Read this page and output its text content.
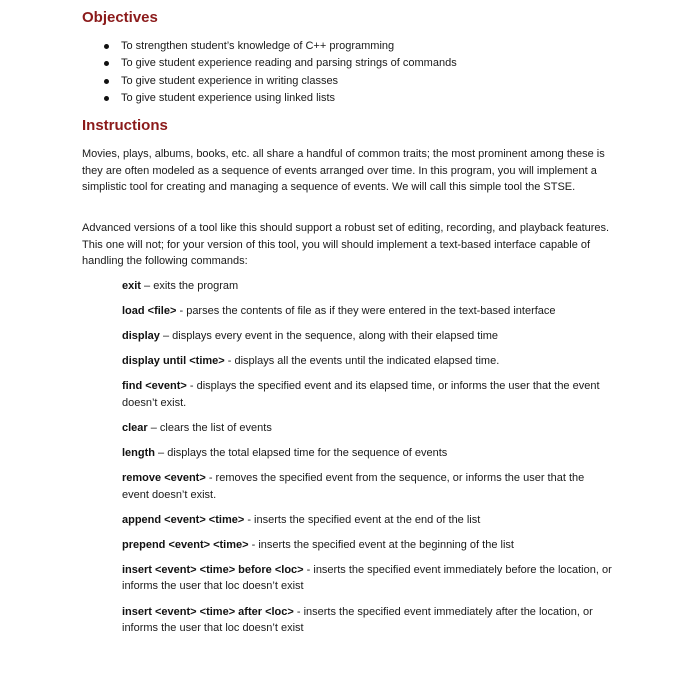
Objectives
To strengthen student’s knowledge of C++ programming
To give student experience reading and parsing strings of commands
To give student experience in writing classes
To give student experience using linked lists
Instructions

Movies, plays, albums, books, etc. all share a handful of common traits; the most prominent among these is they are often modeled as a sequence of events arranged over time. In this program, you will implement a simplistic tool for creating and managing a sequence of events. We will call this simple tool the STSE.

Advanced versions of a tool like this should support a robust set of editing, recording, and playback features. This one will not; for your version of this tool, you will should implement a text-based interface capable of handling the following commands:

exit – exits the program

load <file> - parses the contents of file as if they were entered in the text-based interface

display – displays every event in the sequence, along with their elapsed time

display until <time> - displays all the events until the indicated elapsed time.

find <event> - displays the specified event and its elapsed time, or informs the user that the event doesn’t exist.

clear – clears the list of events

length – displays the total elapsed time for the sequence of events

remove <event> - removes the specified event from the sequence, or informs the user that the event doesn’t exist.

append <event> <time> - inserts the specified event at the end of the list

prepend <event> <time> - inserts the specified event at the beginning of the list

insert <event> <time> before <loc> - inserts the specified event immediately before the location, or informs the user that loc doesn’t exist

insert <event> <time> after <loc> - inserts the specified event immediately after the location, or informs the user that loc doesn’t exist
